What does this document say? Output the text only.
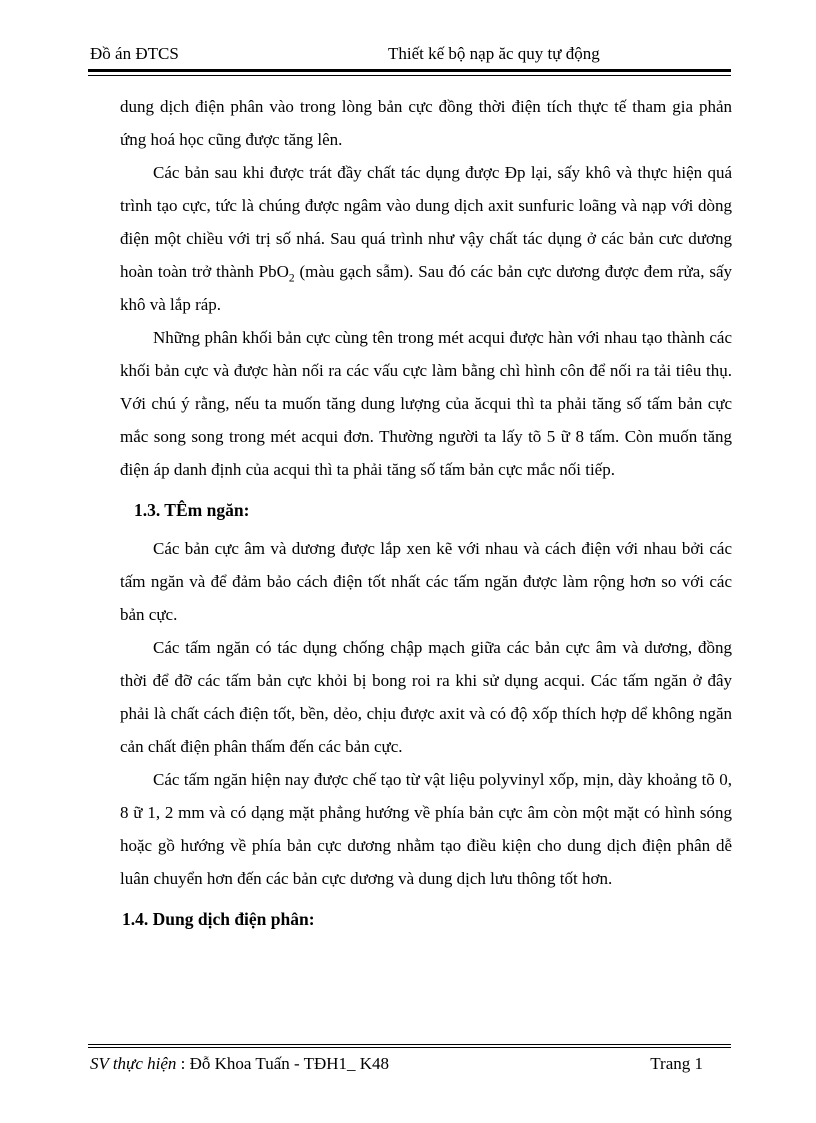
Đồ án ĐTCS	Thiết kế bộ nạp ăc quy tự động

dung dịch điện phân vào trong lòng bản cực đồng thời điện tích thực tế tham gia phản ứng hoá học cũng được tăng lên.

Các bản sau khi được trát đầy chất tác dụng được Đp lại, sấy khô và thực hiện quá trình tạo cực, tức là chúng được ngâm vào dung dịch axit sunfuric loãng và nạp với dòng điện một chiều với trị số nhá. Sau quá trình như vậy chất tác dụng ở các bản cưc dương hoàn toàn trở thành PbO$_2$ (màu gạch sẫm). Sau đó các bản cực dương được đem rửa, sấy khô và lắp ráp.

Những phân khối bản cực cùng tên trong mét acqui được hàn với nhau tạo thành các khối bản cực và được hàn nối ra các vấu cực làm bằng chì hình côn để nối ra tải tiêu thụ. Với chú ý rằng, nếu ta muốn tăng dung lượng của ăcqui thì ta phải tăng số tấm bản cực mắc song song trong mét acqui đơn. Thường người ta lấy tõ 5 ữ 8 tấm. Còn muốn tăng điện áp danh định của acqui thì ta phải tăng số tấm bản cực mắc nối tiếp.

1.3. TÊm ngăn:

Các bản cực âm và dương được lắp xen kẽ với nhau và cách điện với nhau bởi các tấm ngăn và để đảm bảo cách điện tốt nhất các tấm ngăn được làm rộng hơn so với các bản cực.

Các tấm ngăn có tác dụng chống chập mạch giữa các bản cực âm và dương, đồng thời để đỡ các tấm bản cực khỏi bị bong roi ra khi sử dụng acqui. Các tấm ngăn ở đây phải là chất cách điện tốt, bền, dẻo, chịu được axit và có độ xốp thích hợp dể không ngăn cản chất điện phân thấm đến các bản cực.

Các tấm ngăn hiện nay được chế tạo từ vật liệu polyvinyl xốp, mịn, dày khoảng tõ 0, 8 ữ 1, 2 mm và có dạng mặt phẳng hướng về phía bản cực âm còn một mặt có hình sóng hoặc gồ hướng về phía bản cực dương nhằm tạo điều kiện cho dung dịch điện phân dễ luân chuyển hơn đến các bản cực dương và dung dịch lưu thông tốt hơn.

1.4. Dung dịch điện phân:
SV thực hiện : Đỗ Khoa Tuấn - TĐH1_ K48	Trang 1
